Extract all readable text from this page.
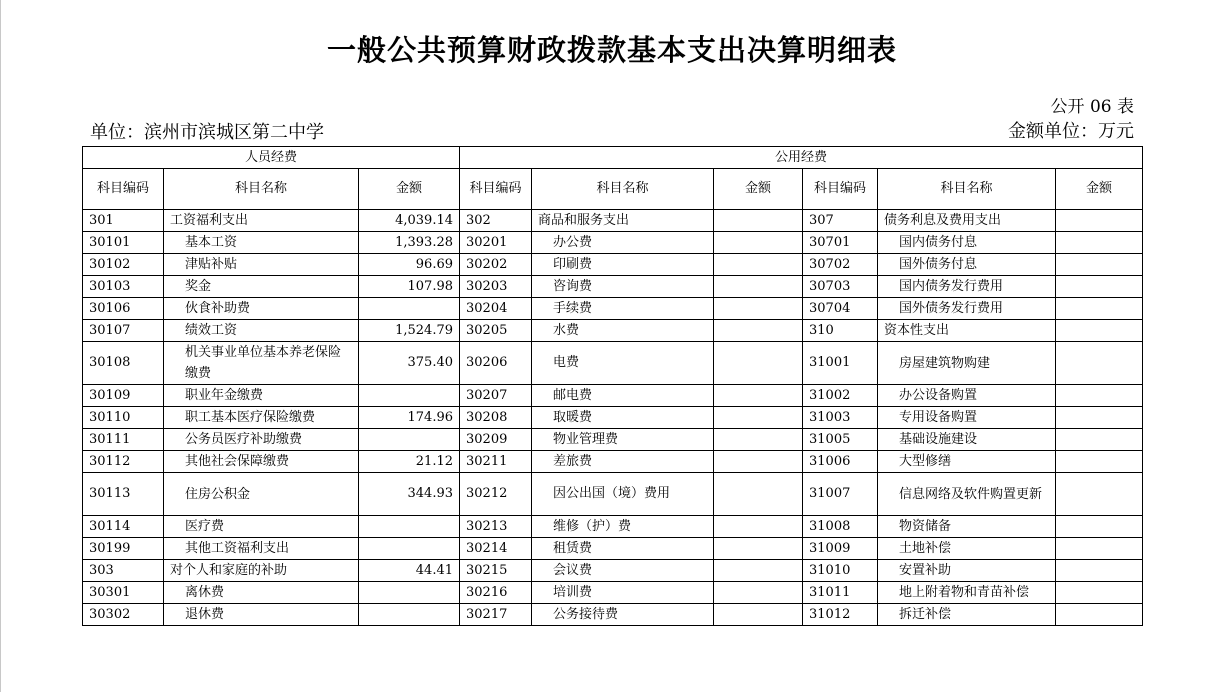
一般公共预算财政拨款基本支出决算明细表
公开 06 表
单位：滨州市滨城区第二中学	金额单位：万元
人员经费			公用经费					
科目编码	科目名称	金额	科目编码	科目名称	金额	科目编码	科目名称	金额
301	工资福利支出	4,039.14	302	商品和服务支出		307	债务利息及费用支出	
30101	基本工资	1,393.28	30201	办公费		30701	国内债务付息	
30102	津贴补贴	96.69	30202	印刷费		30702	国外债务付息	
30103	奖金	107.98	30203	咨询费		30703	国内债务发行费用	
30106	伙食补助费		30204	手续费		30704	国外债务发行费用	
30107	绩效工资	1,524.79	30205	水费		310	资本性支出	
30108	机关事业单位基本养老保险缴费	375.40	30206	电费		31001	房屋建筑物购建	
30109	职业年金缴费		30207	邮电费		31002	办公设备购置	
30110	职工基本医疗保险缴费	174.96	30208	取暖费		31003	专用设备购置	
30111	公务员医疗补助缴费		30209	物业管理费		31005	基础设施建设	
30112	其他社会保障缴费	21.12	30211	差旅费		31006	大型修缮	
30113	住房公积金	344.93	30212	因公出国（境）费用		31007	信息网络及软件购置更新	
30114	医疗费		30213	维修（护）费		31008	物资储备	
30199	其他工资福利支出		30214	租赁费		31009	土地补偿	
303	对个人和家庭的补助	44.41	30215	会议费		31010	安置补助	
30301	离休费		30216	培训费		31011	地上附着物和青苗补偿	
30302	退休费		30217	公务接待费		31012	拆迁补偿	
